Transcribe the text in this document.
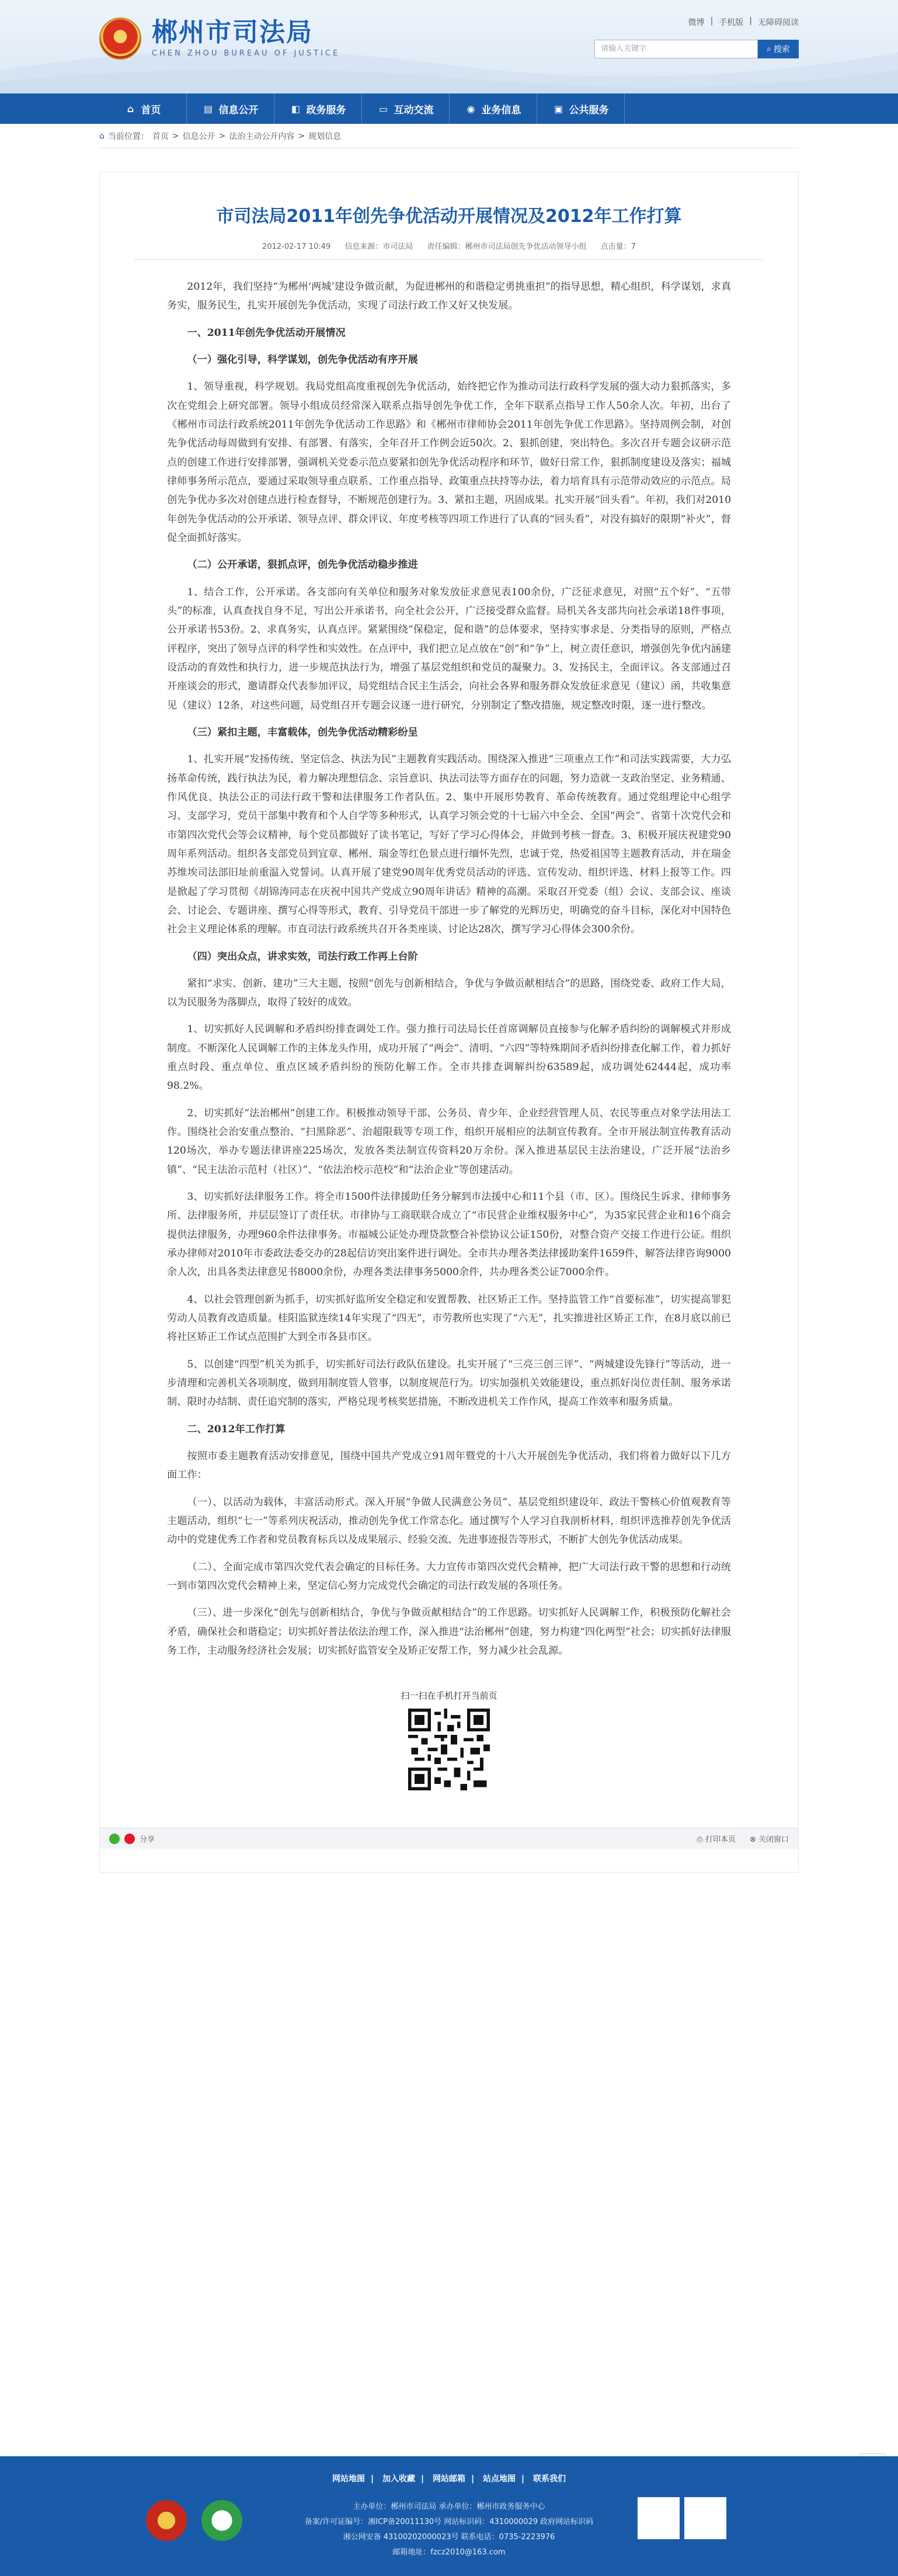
郴州市司法局
CHEN ZHOU BUREAU OF JUSTICE
微博 | 手机版 | 无障碍阅读
请输入关键字	⌕ 搜索
⌂ 首页	▤ 信息公开	◧ 政务服务	▭ 互动交流	◉ 业务信息	▣ 公共服务
⌂ 当前位置： 首页 > 信息公开 > 法治主动公开内容 > 规划信息
市司法局2011年创先争优活动开展情况及2012年工作打算
2012-02-17 10:49 信息来源：市司法局 责任编辑：郴州市司法局创先争优活动领导小组 点击量：7

2012年，我们坚持“为郴州‘两城’建设争做贡献，为促进郴州的和谐稳定勇挑重担”的指导思想，精心组织，科学谋划，求真务实，服务民生，扎实开展创先争优活动，实现了司法行政工作又好又快发展。

一、2011年创先争优活动开展情况

（一）强化引导，科学谋划，创先争优活动有序开展

1、领导重视，科学规划。我局党组高度重视创先争优活动，始终把它作为推动司法行政科学发展的强大动力狠抓落实，多次在党组会上研究部署。领导小组成员经常深入联系点指导创先争优工作，全年下联系点指导工作人50余人次。年初，出台了《郴州市司法行政系统2011年创先争优活动工作思路》和《郴州市律师协会2011年创先争优工作思路》。坚持周例会制，对创先争优活动每周做到有安排、有部署、有落实，全年召开工作例会近50次。2、狠抓创建，突出特色。多次召开专题会议研示范点的创建工作进行安排部署，强调机关党委示范点要紧扣创先争优活动程序和环节，做好日常工作，狠抓制度建设及落实；福城律师事务所示范点，要通过采取领导重点联系、工作重点指导、政策重点扶持等办法，着力培育具有示范带动效应的示范点。局创先争优办多次对创建点进行检查督导，不断规范创建行为。3、紧扣主题，巩固成果。扎实开展“回头看”。年初，我们对2010年创先争优活动的公开承诺、领导点评、群众评议、年度考核等四项工作进行了认真的“回头看”，对没有搞好的限期“补火”，督促全面抓好落实。

（二）公开承诺，狠抓点评，创先争优活动稳步推进

1、结合工作，公开承诺。各支部向有关单位和服务对象发放征求意见表100余份，广泛征求意见，对照“五个好”、“五带头”的标准，认真查找自身不足，写出公开承诺书，向全社会公开，广泛接受群众监督。局机关各支部共向社会承诺18件事项，公开承诺书53份。2、求真务实，认真点评。紧紧围绕“保稳定，促和谐”的总体要求，坚持实事求是、分类指导的原则，严格点评程序，突出了领导点评的科学性和实效性。在点评中，我们把立足点放在“创”和“争”上，树立责任意识，增强创先争优内涵建设活动的育效性和执行力，进一步规范执法行为，增强了基层党组织和党员的凝聚力。3、发扬民主，全面评议。各支部通过召开座谈会的形式，邀请群众代表参加评议，局党组结合民主生活会，向社会各界和服务群众发放征求意见（建议）函，共收集意见（建议）12条，对这些问题，局党组召开专题会议逐一进行研究，分别制定了整改措施，规定整改时限，逐一进行整改。

（三）紧扣主题，丰富载体，创先争优活动精彩纷呈

1、扎实开展“发扬传统、坚定信念、执法为民”主题教育实践活动。围绕深入推进“三项重点工作”和司法实践需要，大力弘扬革命传统，践行执法为民，着力解决理想信念、宗旨意识、执法司法等方面存在的问题，努力造就一支政治坚定、业务精通、作风优良、执法公正的司法行政干警和法律服务工作者队伍。2、集中开展形势教育、革命传统教育。通过党组理论中心组学习、支部学习，党员干部集中教育和个人自学等多种形式，认真学习领会党的十七届六中全会、全国“两会”、省第十次党代会和市第四次党代会等会议精神，每个党员都做好了读书笔记，写好了学习心得体会，并做到考核一督查。3、积极开展庆祝建党90周年系列活动。组织各支部党员到宜章、郴州、瑞金等红色景点进行缅怀先烈，忠诚于党，热爱祖国等主题教育活动，并在瑞金苏维埃司法部旧址前重温入党誓词。认真开展了建党90周年优秀党员活动的评选、宣传发动、组织评选、材料上报等工作。四是掀起了学习贯彻《胡锦涛同志在庆祝中国共产党成立90周年讲话》精神的高潮。采取召开党委（组）会议、支部会议、座谈会、讨论会、专题讲座、撰写心得等形式，教育、引导党员干部进一步了解党的光辉历史，明确党的奋斗目标，深化对中国特色社会主义理论体系的理解。市直司法行政系统共召开各类座谈、讨论达28次，撰写学习心得体会300余份。

（四）突出众点，讲求实效，司法行政工作再上台阶

紧扣“求实、创新、建功”三大主题，按照“创先与创新相结合，争优与争做贡献相结合”的思路，围绕党委、政府工作大局，以为民服务为落脚点，取得了较好的成效。

1、切实抓好人民调解和矛盾纠纷排查调处工作。强力推行司法局长任首席调解员直接参与化解矛盾纠纷的调解模式并形成制度。不断深化人民调解工作的主体龙头作用，成功开展了“两会”、清明、“六四”等特殊期间矛盾纠纷排查化解工作，着力抓好重点时段、重点单位、重点区域矛盾纠纷的预防化解工作。全市共排查调解纠纷63589起，成功调处62444起，成功率98.2%。

2、切实抓好“法治郴州”创建工作。积极推动领导干部、公务员、青少年、企业经营管理人员、农民等重点对象学法用法工作。围绕社会治安重点整治、“扫黑除恶”、治超限载等专项工作，组织开展相应的法制宣传教育。全市开展法制宣传教育活动120场次，举办专题法律讲座225场次，发放各类法制宣传资料20万余份。深入推进基层民主法治建设，广泛开展“法治乡镇”、“民主法治示范村（社区）”、“依法治校示范校”和“法治企业”等创建活动。

3、切实抓好法律服务工作。将全市1500件法律援助任务分解到市法援中心和11个县（市、区）。围绕民生诉求、律师事务所、法律服务所，并层层签订了责任状。市律协与工商联联合成立了“市民营企业维权服务中心”，为35家民营企业和16个商会提供法律服务，办理960余件法律事务。市福城公证处办理贷款整合补偿协议公证150份，对整合资产交接工作进行公证。组织承办律师对2010年市委政法委交办的28起信访突出案件进行调处。全市共办理各类法律援助案件1659件，解答法律咨询9000余人次，出具各类法律意见书8000余份，办理各类法律事务5000余件，共办理各类公证7000余件。

4、以社会管理创新为抓手，切实抓好监所安全稳定和安置帮教、社区矫正工作。坚持监管工作“首要标准”，切实提高罪犯劳动人员教育改造质量。桂阳监狱连续14年实现了“四无”，市劳教所也实现了“六无”，扎实推进社区矫正工作，在8月底以前已将社区矫正工作试点范围扩大到全市各县市区。

5、以创建“四型”机关为抓手，切实抓好司法行政队伍建设。扎实开展了“三亮三创三评”、“两城建设先锋行”等活动，进一步清理和完善机关各项制度，做到用制度管人管事，以制度规范行为。切实加强机关效能建设，重点抓好岗位责任制、服务承诺制、限时办结制、责任追究制的落实，严格兑现考核奖惩措施，不断改进机关工作作风，提高工作效率和服务质量。

二、2012年工作打算

按照市委主题教育活动安排意见，围绕中国共产党成立91周年暨党的十八大开展创先争优活动，我们将着力做好以下几方面工作：

（一）、以活动为载体，丰富活动形式。深入开展“争做人民满意公务员”、基层党组织建设年、政法干警核心价值观教育等主题活动，组织“七一”等系列庆祝活动，推动创先争优工作常态化。通过撰写个人学习自我剖析材料，组织评选推荐创先争优活动中的党建优秀工作者和党员教育标兵以及成果展示、经验交流、先进事迹报告等形式，不断扩大创先争优活动成果。

（二）、全面完成市第四次党代表会确定的目标任务。大力宣传市第四次党代会精神，把广大司法行政干警的思想和行动统一到市第四次党代会精神上来，坚定信心努力完成党代会确定的司法行政发展的各项任务。

（三）、进一步深化“创先与创新相结合，争优与争做贡献相结合”的工作思路。切实抓好人民调解工作，积极预防化解社会矛盾，确保社会和谐稳定；切实抓好普法依法治理工作，深入推进“法治郴州”创建，努力构建“四化两型”社会；切实抓好法律服务工作，主动服务经济社会发展；切实抓好监管安全及矫正安帮工作，努力减少社会乱源。

扫一扫在手机打开当前页
分享	⎙ 打印本页 ⊗ 关闭窗口
网站地图 | 加入收藏 | 网站邮箱 | 站点地图 | 联系我们
主办单位：郴州市司法局 承办单位：郴州市政务服务中心
备案/许可证编号：湘ICP备20011130号 网站标识码：4310000029 政府网站标识码
湘公网安备 43100202000023号 联系电话：0735-2223976
邮箱地址：fzcz2010@163.com
